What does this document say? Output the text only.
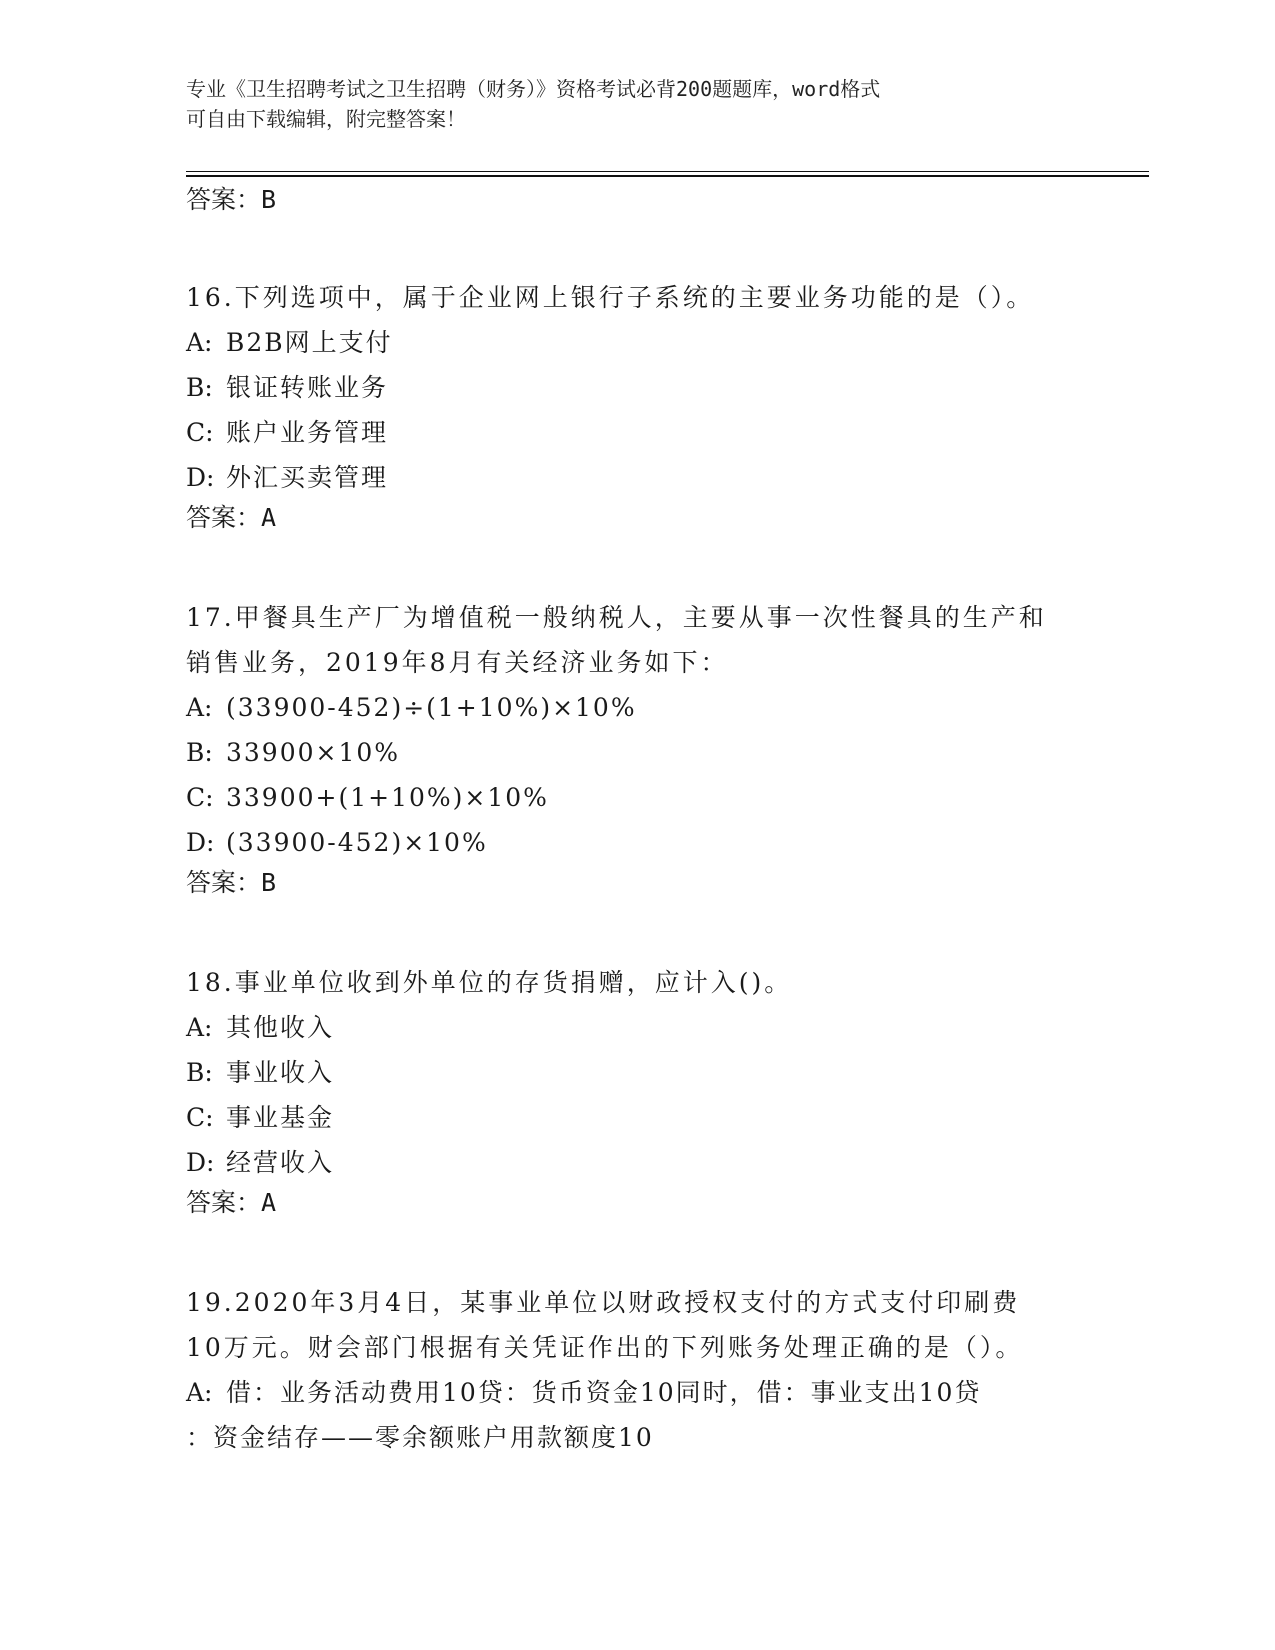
专业《卫生招聘考试之卫生招聘（财务）》资格考试必背200题题库，word格式
可自由下载编辑，附完整答案！
答案：B
16.下列选项中，属于企业网上银行子系统的主要业务功能的是（）。
A: B2B网上支付
B: 银证转账业务
C: 账户业务管理
D: 外汇买卖管理
答案：A
17.甲餐具生产厂为增值税一般纳税人，主要从事一次性餐具的生产和
销售业务，2019年8月有关经济业务如下：
A: (33900-452)÷(1+10%)×10%
B: 33900×10%
C: 33900+(1+10%)×10%
D: (33900-452)×10%
答案：B
18.事业单位收到外单位的存货捐赠，应计入()。
A: 其他收入
B: 事业收入
C: 事业基金
D: 经营收入
答案：A
19.2020年3月4日，某事业单位以财政授权支付的方式支付印刷费
10万元。财会部门根据有关凭证作出的下列账务处理正确的是（）。
A: 借：业务活动费用10贷：货币资金10同时，借：事业支出10贷
：资金结存——零余额账户用款额度10
